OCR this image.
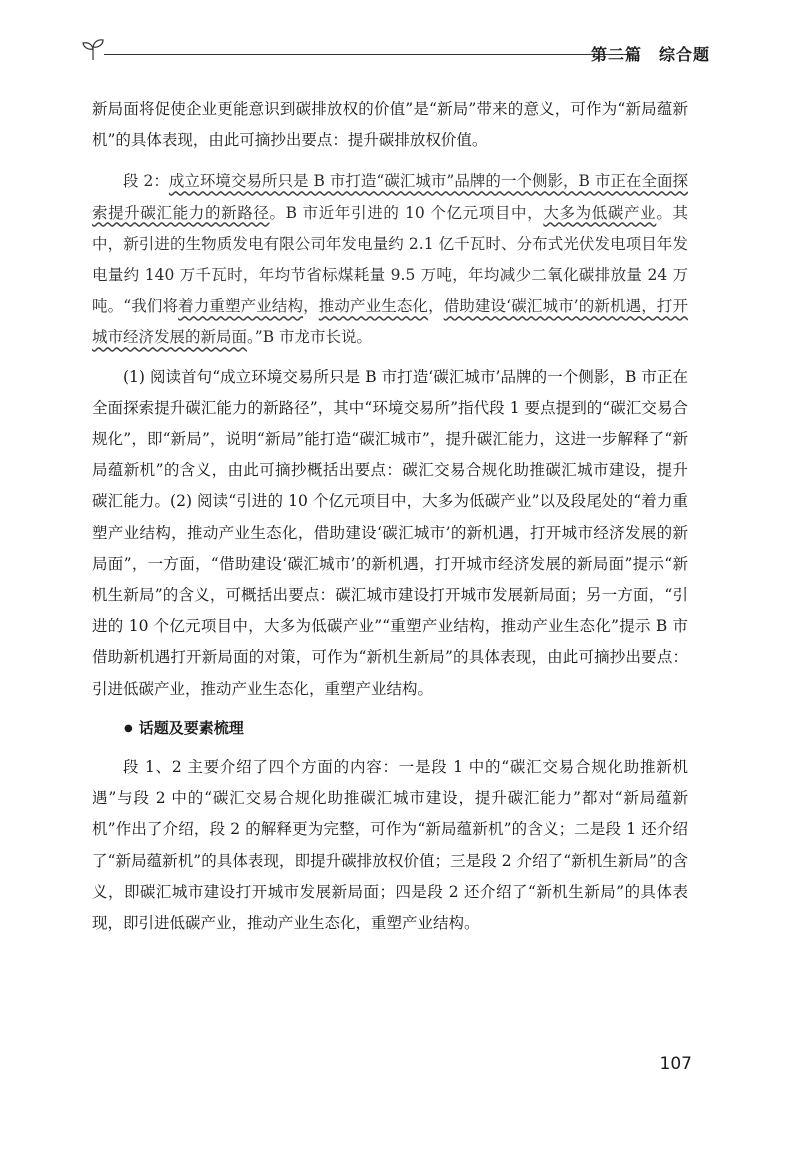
第二篇　综合题

新局面将促使企业更能意识到碳排放权的价值”是“新局”带来的意义，可作为“新局蕴新机”的具体表现，由此可摘抄出要点：提升碳排放权价值。

段 2：成立环境交易所只是 B 市打造“碳汇城市”品牌的一个侧影，B 市正在全面探索提升碳汇能力的新路径。B 市近年引进的 10 个亿元项目中，大多为低碳产业。其中，新引进的生物质发电有限公司年发电量约 2.1 亿千瓦时、分布式光伏发电项目年发电量约 140 万千瓦时，年均节省标煤耗量 9.5 万吨，年均减少二氧化碳排放量 24 万吨。“我们将着力重塑产业结构，推动产业生态化，借助建设‘碳汇城市’的新机遇，打开城市经济发展的新局面。”B 市龙市长说。

(1) 阅读首句“成立环境交易所只是 B 市打造‘碳汇城市’品牌的一个侧影，B 市正在全面探索提升碳汇能力的新路径”，其中“环境交易所”指代段 1 要点提到的“碳汇交易合规化”，即“新局”，说明“新局”能打造“碳汇城市”，提升碳汇能力，这进一步解释了“新局蕴新机”的含义，由此可摘抄概括出要点：碳汇交易合规化助推碳汇城市建设，提升碳汇能力。(2) 阅读“引进的 10 个亿元项目中，大多为低碳产业”以及段尾处的“着力重塑产业结构，推动产业生态化，借助建设‘碳汇城市’的新机遇，打开城市经济发展的新局面”，一方面，“借助建设‘碳汇城市’的新机遇，打开城市经济发展的新局面”提示“新机生新局”的含义，可概括出要点：碳汇城市建设打开城市发展新局面；另一方面，“引进的 10 个亿元项目中，大多为低碳产业”“重塑产业结构，推动产业生态化”提示 B 市借助新机遇打开新局面的对策，可作为“新机生新局”的具体表现，由此可摘抄出要点：引进低碳产业，推动产业生态化，重塑产业结构。

● 话题及要素梳理

段 1、2 主要介绍了四个方面的内容：一是段 1 中的“碳汇交易合规化助推新机遇”与段 2 中的“碳汇交易合规化助推碳汇城市建设，提升碳汇能力”都对“新局蕴新机”作出了介绍，段 2 的解释更为完整，可作为“新局蕴新机”的含义；二是段 1 还介绍了“新局蕴新机”的具体表现，即提升碳排放权价值；三是段 2 介绍了“新机生新局”的含义，即碳汇城市建设打开城市发展新局面；四是段 2 还介绍了“新机生新局”的具体表现，即引进低碳产业，推动产业生态化，重塑产业结构。

107
